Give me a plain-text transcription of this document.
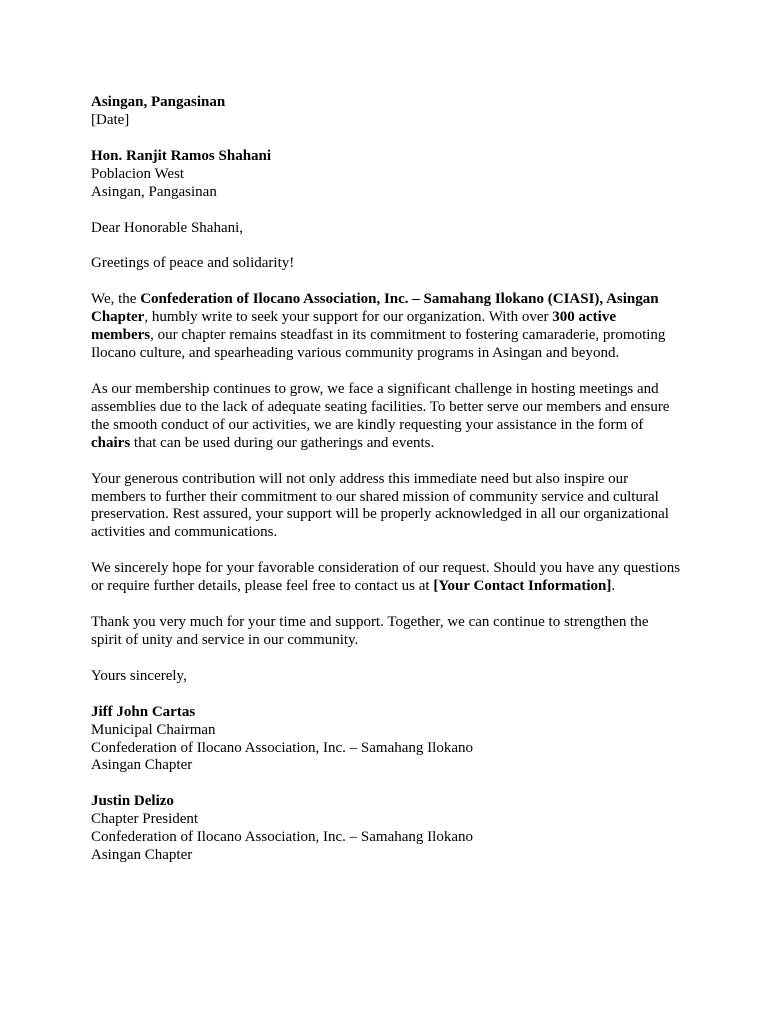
Asingan, Pangasinan
[Date]
Hon. Ranjit Ramos Shahani
Poblacion West
Asingan, Pangasinan

Dear Honorable Shahani,

Greetings of peace and solidarity!

We, the Confederation of Ilocano Association, Inc. – Samahang Ilokano (CIASI), Asingan Chapter, humbly write to seek your support for our organization. With over 300 active members, our chapter remains steadfast in its commitment to fostering camaraderie, promoting Ilocano culture, and spearheading various community programs in Asingan and beyond.

As our membership continues to grow, we face a significant challenge in hosting meetings and assemblies due to the lack of adequate seating facilities. To better serve our members and ensure the smooth conduct of our activities, we are kindly requesting your assistance in the form of chairs that can be used during our gatherings and events.

Your generous contribution will not only address this immediate need but also inspire our members to further their commitment to our shared mission of community service and cultural preservation. Rest assured, your support will be properly acknowledged in all our organizational activities and communications.

We sincerely hope for your favorable consideration of our request. Should you have any questions or require further details, please feel free to contact us at [Your Contact Information].

Thank you very much for your time and support. Together, we can continue to strengthen the spirit of unity and service in our community.

Yours sincerely,

Jiff John Cartas
Municipal Chairman
Confederation of Ilocano Association, Inc. – Samahang Ilokano
Asingan Chapter
Justin Delizo
Chapter President
Confederation of Ilocano Association, Inc. – Samahang Ilokano
Asingan Chapter
